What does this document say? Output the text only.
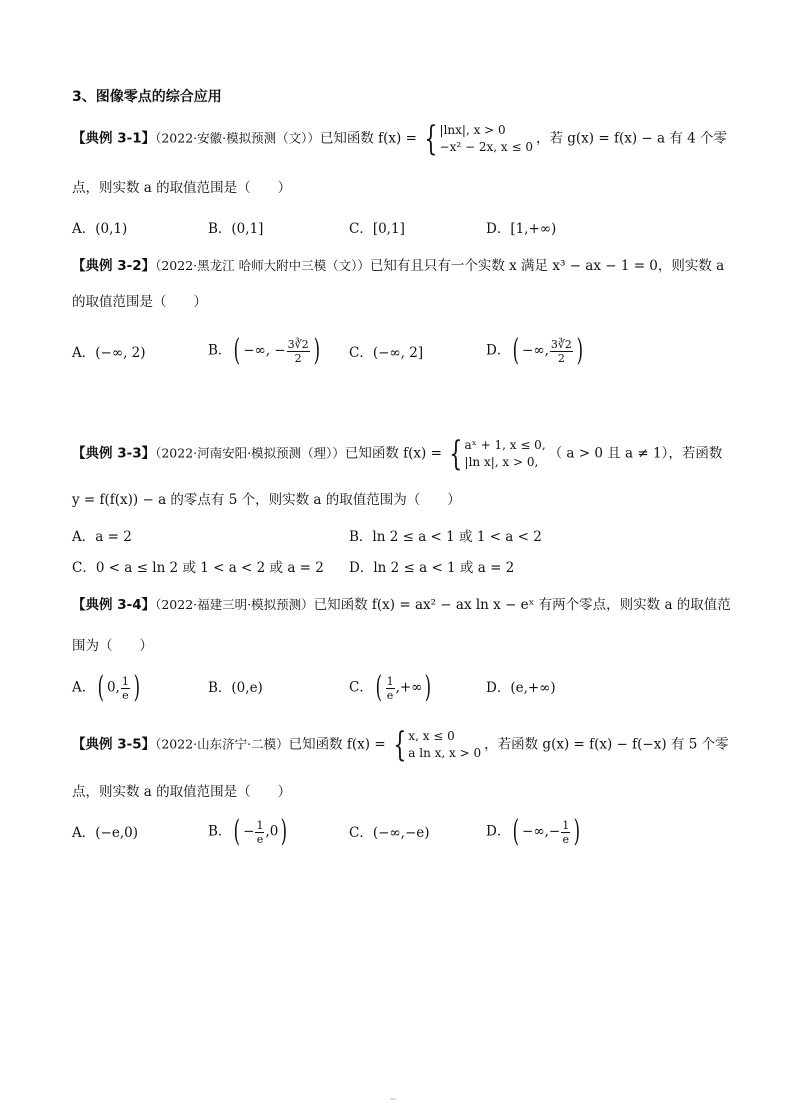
3、图像零点的综合应用
【典例 3-1】（2022·安徽·模拟预测（文））已知函数 f(x) = { |lnx|, x > 0
−x² − 2x, x ≤ 0
，若 g(x) = f(x) − a 有 4 个零
点，则实数 a 的取值范围是（　　）
A．(0,1)	B．(0,1]	C．[0,1]	D．[1,+∞)
【典例 3-2】（2022·黑龙江 哈师大附中三模（文））已知有且只有一个实数 x 满足 x³ − ax − 1 = 0，则实数 a
的取值范围是（　　）
A．(−∞, 2)	B．( −∞, − $\frac{3∛2}{2}$ ) C．(−∞, 2]	D．( −∞, $\frac{3∛2}{2}$ )
【典例 3-3】（2022·河南安阳·模拟预测（理））已知函数 f(x) = { aˣ + 1, x ≤ 0,
|ln x|, x > 0,
（ a > 0 且 a ≠ 1），若函数
y = f(f(x)) − a 的零点有 5 个，则实数 a 的取值范围为（　　）
A．a = 2	B．ln 2 ≤ a < 1 或 1 < a < 2
C．0 < a ≤ ln 2 或 1 < a < 2 或 a = 2 D．ln 2 ≤ a < 1 或 a = 2
【典例 3-4】（2022·福建三明·模拟预测）已知函数 f(x) = ax² − ax ln x − eˣ 有两个零点，则实数 a 的取值范
围为（　　）
A．( 0, $\frac{1}{e}$ )	B．(0,e)	C．( $\frac{1}{e}$ ,+∞)	D．(e,+∞)
【典例 3-5】（2022·山东济宁·二模）已知函数 f(x) = { x, x ≤ 0
a ln x, x > 0
，若函数 g(x) = f(x) − f(−x) 有 5 个零
点，则实数 a 的取值范围是（　　）
A．(−e,0)	B．( − $\frac{1}{e} ,0$)	C．(−∞,−e)	D．( −∞,− $\frac{1}{e}$ )
